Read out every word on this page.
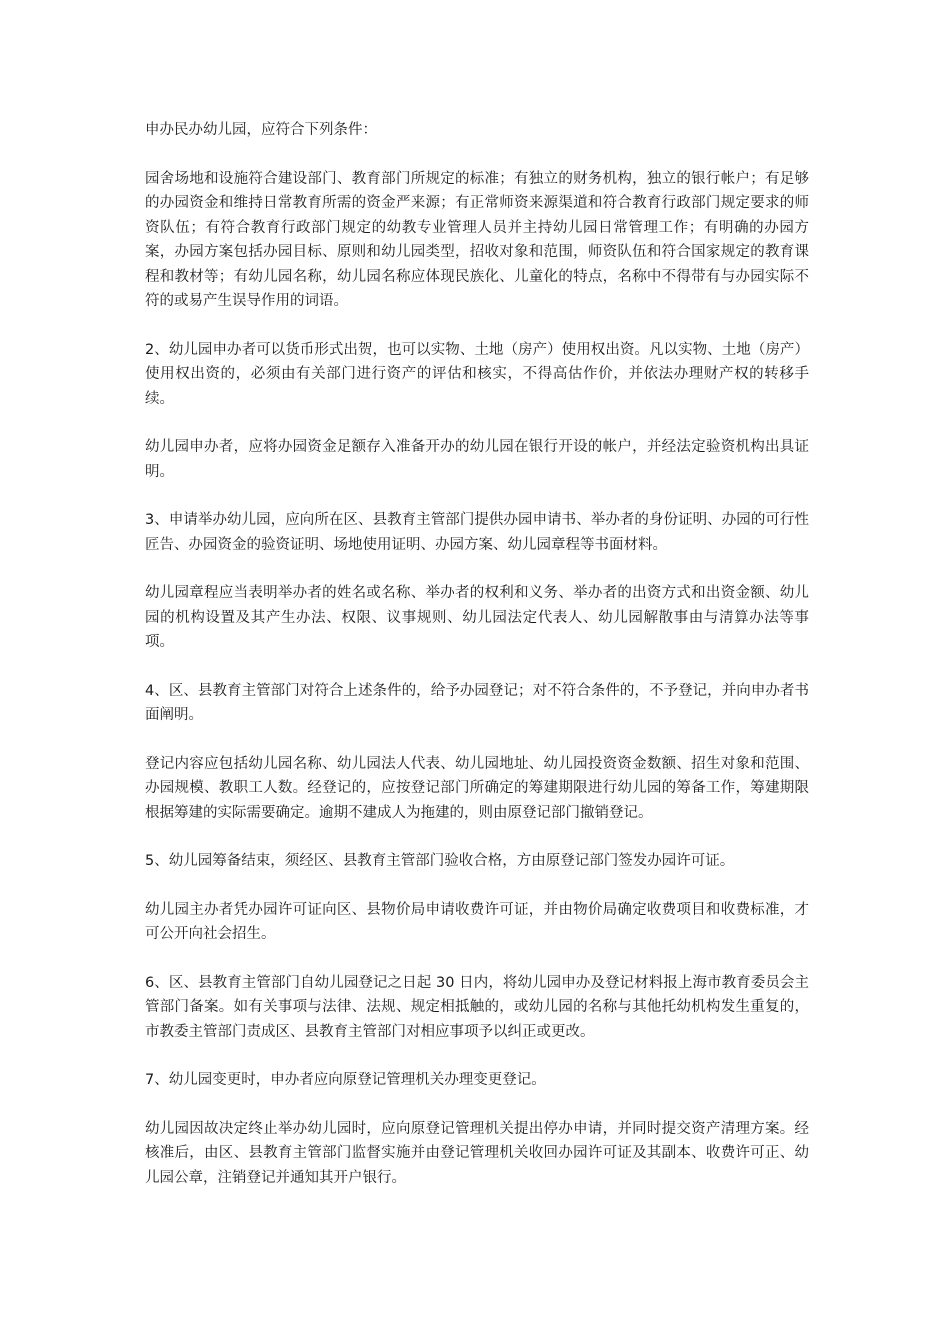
申办民办幼儿园，应符合下列条件：

园舍场地和设施符合建设部门、教育部门所规定的标准；有独立的财务机构，独立的银行帐户；有足够的办园资金和维持日常教育所需的资金严来源；有正常师资来源渠道和符合教育行政部门规定要求的师资队伍；有符合教育行政部门规定的幼教专业管理人员并主持幼儿园日常管理工作；有明确的办园方案，办园方案包括办园目标、原则和幼儿园类型，招收对象和范围，师资队伍和符合国家规定的教育课程和教材等；有幼儿园名称，幼儿园名称应体现民族化、儿童化的特点，名称中不得带有与办园实际不符的或易产生误导作用的词语。

2、幼儿园申办者可以货币形式出贺，也可以实物、土地（房产）使用权出资。凡以实物、土地（房产）使用权出资的，必须由有关部门进行资产的评估和核实，不得高估作价，并依法办理财产权的转移手续。

幼儿园申办者，应将办园资金足额存入准备开办的幼儿园在银行开设的帐户，并经法定验资机构出具证明。

3、申请举办幼儿园，应向所在区、县教育主管部门提供办园申请书、举办者的身份证明、办园的可行性匠告、办园资金的验资证明、场地使用证明、办园方案、幼儿园章程等书面材料。

幼儿园章程应当表明举办者的姓名或名称、举办者的权利和义务、举办者的出资方式和出资金额、幼儿园的机构设置及其产生办法、权限、议事规则、幼儿园法定代表人、幼儿园解散事由与清算办法等事项。

4、区、县教育主管部门对符合上述条件的，给予办园登记；对不符合条件的，不予登记，并向申办者书面阐明。

登记内容应包括幼儿园名称、幼儿园法人代表、幼儿园地址、幼儿园投资资金数额、招生对象和范围、办园规模、教职工人数。经登记的，应按登记部门所确定的筹建期限进行幼儿园的筹备工作，筹建期限根据筹建的实际需要确定。逾期不建成人为拖建的，则由原登记部门撤销登记。

5、幼儿园筹备结束，须经区、县教育主管部门验收合格，方由原登记部门签发办园许可证。

幼儿园主办者凭办园许可证向区、县物价局申请收费许可证，并由物价局确定收费项目和收费标准，才可公开向社会招生。

6、区、县教育主管部门自幼儿园登记之日起 30 日内，将幼儿园申办及登记材料报上海市教育委员会主管部门备案。如有关事项与法律、法规、规定相抵触的，或幼儿园的名称与其他托幼机构发生重复的，市教委主管部门责成区、县教育主管部门对相应事项予以纠正或更改。

7、幼儿园变更时，申办者应向原登记管理机关办理变更登记。

幼儿园因故决定终止举办幼儿园时，应向原登记管理机关提出停办申请，并同时提交资产清理方案。经核准后，由区、县教育主管部门监督实施并由登记管理机关收回办园许可证及其副本、收费许可正、幼儿园公章，注销登记并通知其开户银行。
